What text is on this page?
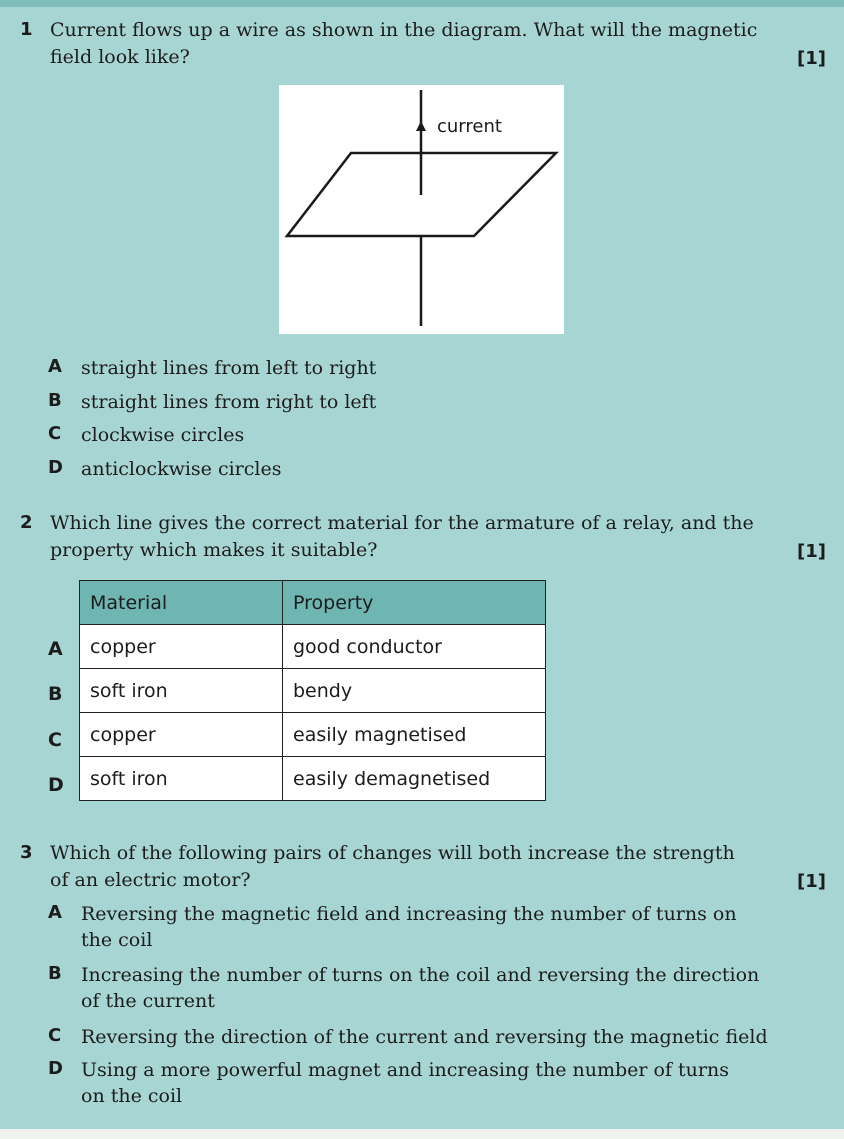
1 Current flows up a wire as shown in the diagram. What will the magnetic
field look like?	[1]
current
A straight lines from left to right
B straight lines from right to left
C clockwise circles
D anticlockwise circles
2 Which line gives the correct material for the armature of a relay, and the
property which makes it suitable?	[1]
A
B
C
D
Material	Property
copper	good conductor
soft iron	bendy
copper	easily magnetised
soft iron	easily demagnetised
3 Which of the following pairs of changes will both increase the strength
of an electric motor?	[1]
A Reversing the magnetic field and increasing the number of turns on
the coil
B Increasing the number of turns on the coil and reversing the direction
of the current
C Reversing the direction of the current and reversing the magnetic field
D Using a more powerful magnet and increasing the number of turns
on the coil
